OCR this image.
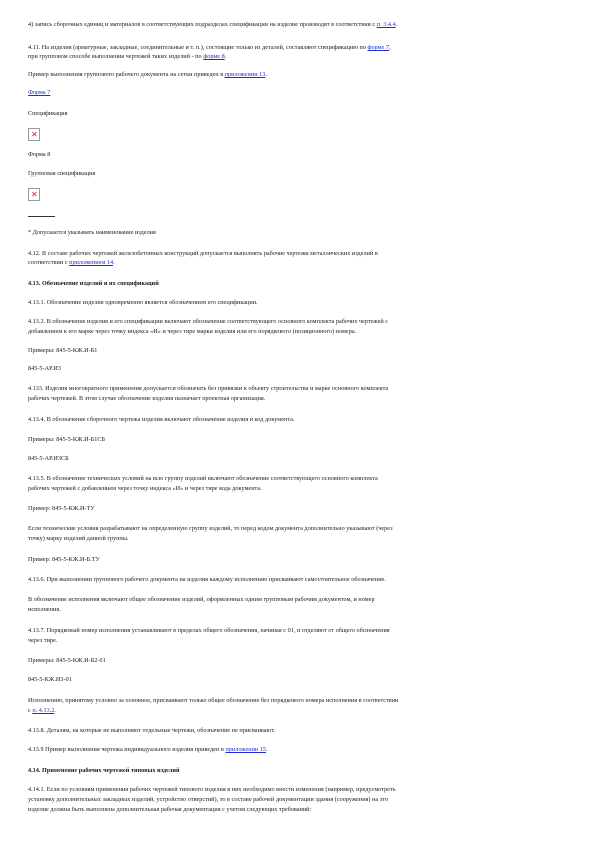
4) запись сборочных единиц и материалов в соответствующих подразделах спецификации на изделие производят в соответствии с п. 3.4.4.
4.11. На изделия (арматурные, закладные, соединительные и т. п.), состоящие только из деталей, составляют спецификацию по форме 7,
при групповом способе выполнения чертежей таких изделий - по форме 8.
Пример выполнения группового рабочего документа на сетки приведен в приложении 13.
Форма 7
Спецификация
✕
Форма 8
Групповая спецификация
✕
* Допускается указывать наименование изделия
4.12. В составе рабочих чертежей железобетонных конструкций допускается выполнять рабочие чертежи металлических изделий в
соответствии с приложением 14.
4.13. Обозначение изделий и их спецификаций
4.13.1. Обозначение изделия одновременно является обозначением его спецификации.
4.13.2. В обозначение изделия и его спецификации включают обозначение соответствующего основного комплекта рабочих чертежей с
добавлением к его марке через точку индекса «И» и через тире марки изделия или его порядкового (позиционного) номера.
Примеры: 845-5-КЖ.И-Б1
845-5-АР.И3
4.133. Изделия многократного применения допускается обозначать без привязки к объекту строительства и марке основного комплекта
рабочих чертежей. В этом случае обозначение изделия назначает проектная организация.
4.13.4. В обозначение сборочного чертежа изделия включают обозначение изделия и код документа.
Примеры: 845-5-КЖ.И-Б1СБ
845-5-АР.И3СБ
4.13.5. В обозначение технических условий на всю группу изделий включают обозначение соответствующего основного комплекта
рабочих чертежей с добавлением через точку индекса «И» и через тире кода документа.
Пример: 845-5-КЖ.И-ТУ
Если технические условия разрабатывают на определенную группу изделий, то перед кодом документа дополнительно указывают (через
точку) марку изделий данной группы.
Пример: 845-5-КЖ.И-Б.ТУ
4.13.6. При выполнении группового рабочего документа на изделия каждому исполнению присваивают самостоятельное обозначение.
В обозначение исполнения включают общее обозначение изделий, оформленных одним групповым рабочим документом, и номер
исполнения.
4.13.7. Порядковый номер исполнения устанавливают в пределах общего обозначения, начиная с 01, и отделяют от общего обозначения
через тире.
Примеры: 845-5-КЖ.И-Б2-01
845-5-КЖ.И3-01
Исполнению, принятому условно за основное, присваивают только общее обозначение без порядкового номера исполнения в соответствии
с п. 4.13.2.
4.13.8. Деталям, на которые не выполняют отдельные чертежи, обозначение не присваивают.
4.13.9 Пример выполнения чертежа индивидуального изделия приведен в приложении 15.
4.14. Применение рабочих чертежей типовых изделий
4.14.1. Если по условиям применения рабочих чертежей типового изделия в них необходимо внести изменения (например, предусмотреть
установку дополнительных закладных изделий, устройство отверстий), то в составе рабочей документации здания (сооружения) на это
изделие должна быть выполнена дополнительная рабочая документация с учетом следующих требований:
